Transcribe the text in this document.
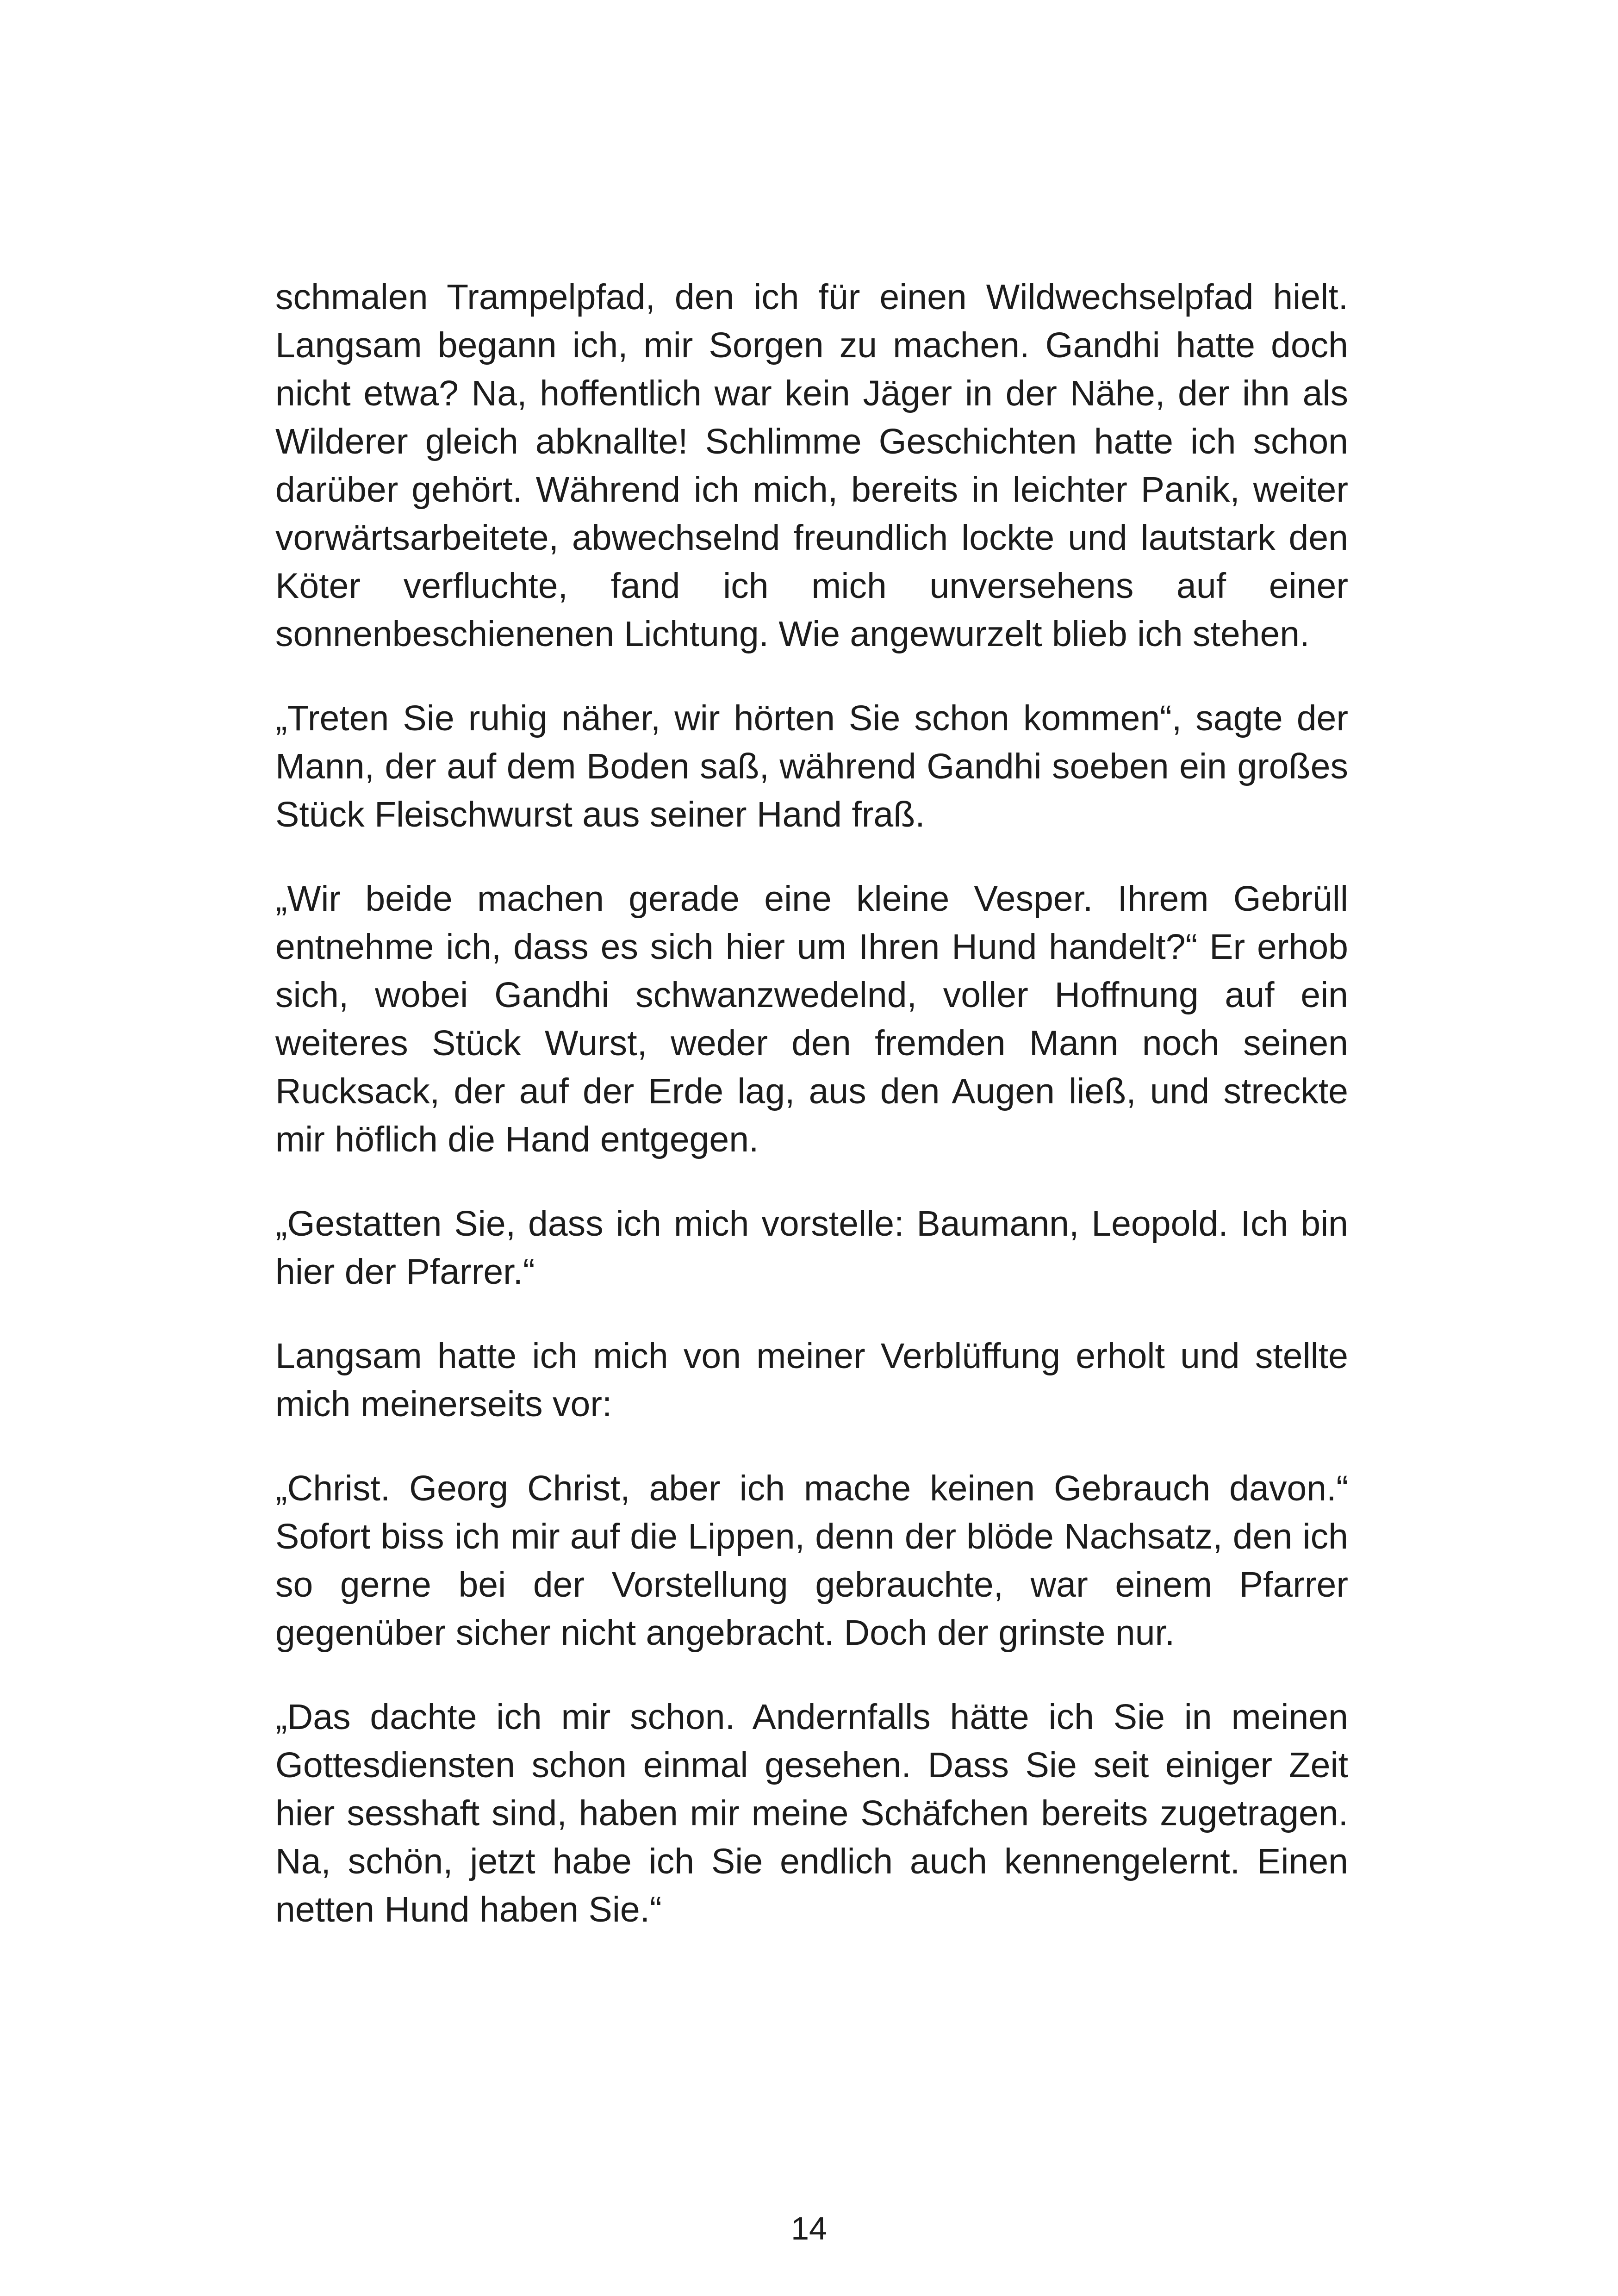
schmalen Trampelpfad, den ich für einen Wildwechselpfad hielt. Langsam begann ich, mir Sorgen zu machen. Gandhi hatte doch nicht etwa? Na, hoffentlich war kein Jäger in der Nähe, der ihn als Wilderer gleich abknallte! Schlimme Geschichten hatte ich schon darüber gehört. Während ich mich, bereits in leichter Panik, weiter vorwärtsarbeitete, abwechselnd freundlich lockte und lautstark den Köter verfluchte, fand ich mich unversehens auf einer sonnenbeschienenen Lichtung. Wie angewurzelt blieb ich stehen.

„Treten Sie ruhig näher, wir hörten Sie schon kommen“, sagte der Mann, der auf dem Boden saß, während Gandhi soeben ein großes Stück Fleischwurst aus seiner Hand fraß.

„Wir beide machen gerade eine kleine Vesper. Ihrem Gebrüll entnehme ich, dass es sich hier um Ihren Hund handelt?“ Er erhob sich, wobei Gandhi schwanzwedelnd, voller Hoffnung auf ein weiteres Stück Wurst, weder den fremden Mann noch seinen Rucksack, der auf der Erde lag, aus den Augen ließ, und streckte mir höflich die Hand entgegen.

„Gestatten Sie, dass ich mich vorstelle: Baumann, Leopold. Ich bin hier der Pfarrer.“

Langsam hatte ich mich von meiner Verblüffung erholt und stellte mich meinerseits vor:

„Christ. Georg Christ, aber ich mache keinen Gebrauch davon.“ Sofort biss ich mir auf die Lippen, denn der blöde Nachsatz, den ich so gerne bei der Vorstellung gebrauchte, war einem Pfarrer gegenüber sicher nicht angebracht. Doch der grinste nur.

„Das dachte ich mir schon. Andernfalls hätte ich Sie in meinen Gottesdiensten schon einmal gesehen. Dass Sie seit einiger Zeit hier sesshaft sind, haben mir meine Schäfchen bereits zugetragen. Na, schön, jetzt habe ich Sie endlich auch kennengelernt. Einen netten Hund haben Sie.“

14
